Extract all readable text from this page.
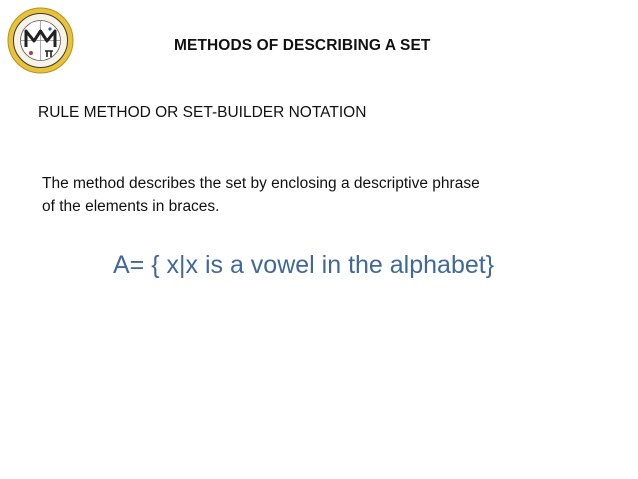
METHODS OF DESCRIBING A SET
RULE METHOD OR SET-BUILDER NOTATION
The method describes the set by enclosing a descriptive phrase
of the elements in braces.
A= { x|x is a vowel in the alphabet}
